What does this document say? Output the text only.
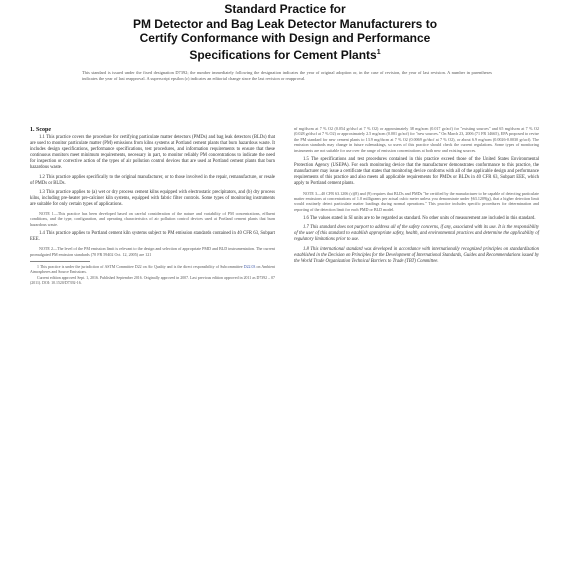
Standard Practice for
PM Detector and Bag Leak Detector Manufacturers to
Certify Conformance with Design and Performance
Specifications for Cement Plants$^1$
This standard is issued under the fixed designation D7392; the number immediately following the designation indicates the year of original adoption or, in the case of revision, the year of last revision. A number in parentheses indicates the year of last reapproval. A superscript epsilon (ε) indicates an editorial change since the last revision or reapproval.
1. Scope

1.1 This practice covers the procedure for certifying particulate matter detectors (PMDs) and bag leak detectors (BLDs) that are used to monitor particulate matter (PM) emissions from kilns systems at Portland cement plants that burn hazardous waste. It includes design specifications, performance specifications, test procedures, and information requirements to ensure that these continuous monitors meet minimum requirements, necessary in part, to monitor reliably PM concentrations to indicate the need for inspection or corrective action of the types of air pollution control devices that are used at Portland cement plants that burn hazardous waste.

1.2 This practice applies specifically to the original manufacturer, or to those involved in the repair, remanufacture, or resale of PMDs or BLDs.

1.3 This practice applies to (a) wet or dry process cement kilns equipped with electrostatic precipitators, and (b) dry process kilns, including pre-heater pre-calciner kiln systems, equipped with fabric filter controls. Some types of monitoring instruments are suitable for only certain types of applications.

NOTE 1—This practice has been developed based on careful consideration of the nature and variability of PM concentrations, effluent conditions, and the type, configuration, and operating characteristics of air pollution control devices used at Portland cement plants that burn hazardous waste.

1.4 This practice applies to Portland cement kiln systems subject to PM emission standards contained in 40 CFR 63, Subpart EEE.

NOTE 2—The level of the PM emission limit is relevant to the design and selection of appropriate PMD and BLD instrumentation. The current promulgated PM emission standards (70 FR 59402 Oct. 12, 2005) are 121

1 This practice is under the jurisdiction of ASTM Committee D22 on Air Quality and is the direct responsibility of Subcommittee D22.03 on Ambient Atmospheres and Source Emissions.

Current edition approved Sept. 1, 2016. Published September 2016. Originally approved in 2007. Last previous edition approved in 2011 as D7392 – 07 (2011). DOI: 10.1520/D7392-16.

nf mg/dscm at 7 % O2 (0.054 gr/dscf at 7 % O2) or approximately 38 mg/acm (0.017 gr/acf) for "existing sources" and 65 mg/dscm at 7 % O2 (0.028 gr/dscf at 7 % O2) or approximately 2.5 mg/acm (0.001 gr/acf) for "new sources." On March 23, 2006 (71 FR 14665), EPA proposed to revise the PM standard for new cement plants to 13.9 mg/dscm at 7 % O2 (0.0069 gr/dscf at 7 % O2), or about 6.9 mg/acm (0.0026-0.0030 gr/acf). The emission standards may change in future rulemakings, so users of this practice should check the current regulations. Some types of monitoring instruments are not suitable for use over the range of emission concentrations at both new and existing sources.

1.5 The specifications and test procedures contained in this practice exceed those of the United States Environmental Protection Agency (USEPA). For each monitoring device that the manufacturer demonstrates conformance to this practice, the manufacturer may issue a certificate that states that monitoring device conforms with all of the applicable design and performance requirements of this practice and also meets all applicable requirements for PMDs or BLDs in 40 CFR 63, Subpart EEE, which apply to Portland cement plants.

NOTE 3—40 CFR 63.1206 (c)(8) and (9) requires that BLDs and PMDs "be certified by the manufacturer to be capable of detecting particulate matter emissions at concentrations of 1.0 milligrams per actual cubic meter unless you demonstrate under §63.1209(g), that a higher detection limit would routinely detect particulate matter loadings during normal operations." This practice includes specific procedures for determination and reporting of the detection limit for each PMD or BLD model.

1.6 The values stated in SI units are to be regarded as standard. No other units of measurement are included in this standard.

1.7 This standard does not purport to address all of the safety concerns, if any, associated with its use. It is the responsibility of the user of this standard to establish appropriate safety, health, and environmental practices and determine the applicability of regulatory limitations prior to use.

1.8 This international standard was developed in accordance with internationally recognized principles on standardization established in the Decision on Principles for the Development of International Standards, Guides and Recommendations issued by the World Trade Organization Technical Barriers to Trade (TBT) Committee.
